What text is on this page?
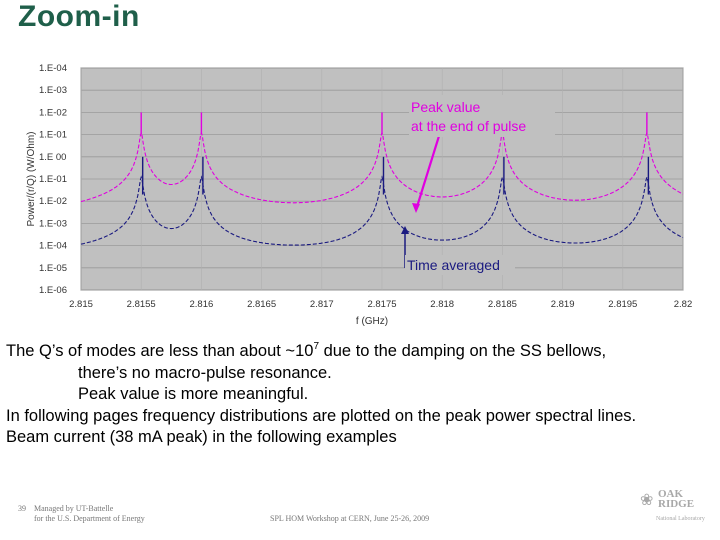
Zoom-in
2.815	2.8155	2.816	2.8165	2.817	2.8175	2.818	2.8185	2.819	2.8195	2.82
1.E-06
1.E-05
1.E-04
1.E-03
1.E-02
1.E-01
1.E 00
1.E-01
1.E-02
1.E-03
1.E-04
f (GHz)
Power/(r/Q) (W/Ohm)
Peak value
at the end of pulse
Time averaged
The Q’s of modes are less than about $\sim 10^7$ due to the damping on the SS bellows,
there’s no macro-pulse resonance.
Peak value is more meaningful.
In following pages frequency distributions are plotted on the peak power spectral lines.
Beam current (38 mA peak) in the following examples
39 Managed by UT-Battelle
for the U.S. Department of Energy	SPL HOM Workshop at CERN, June 25-26, 2009
❀ OAK
RIDGE
National Laboratory
